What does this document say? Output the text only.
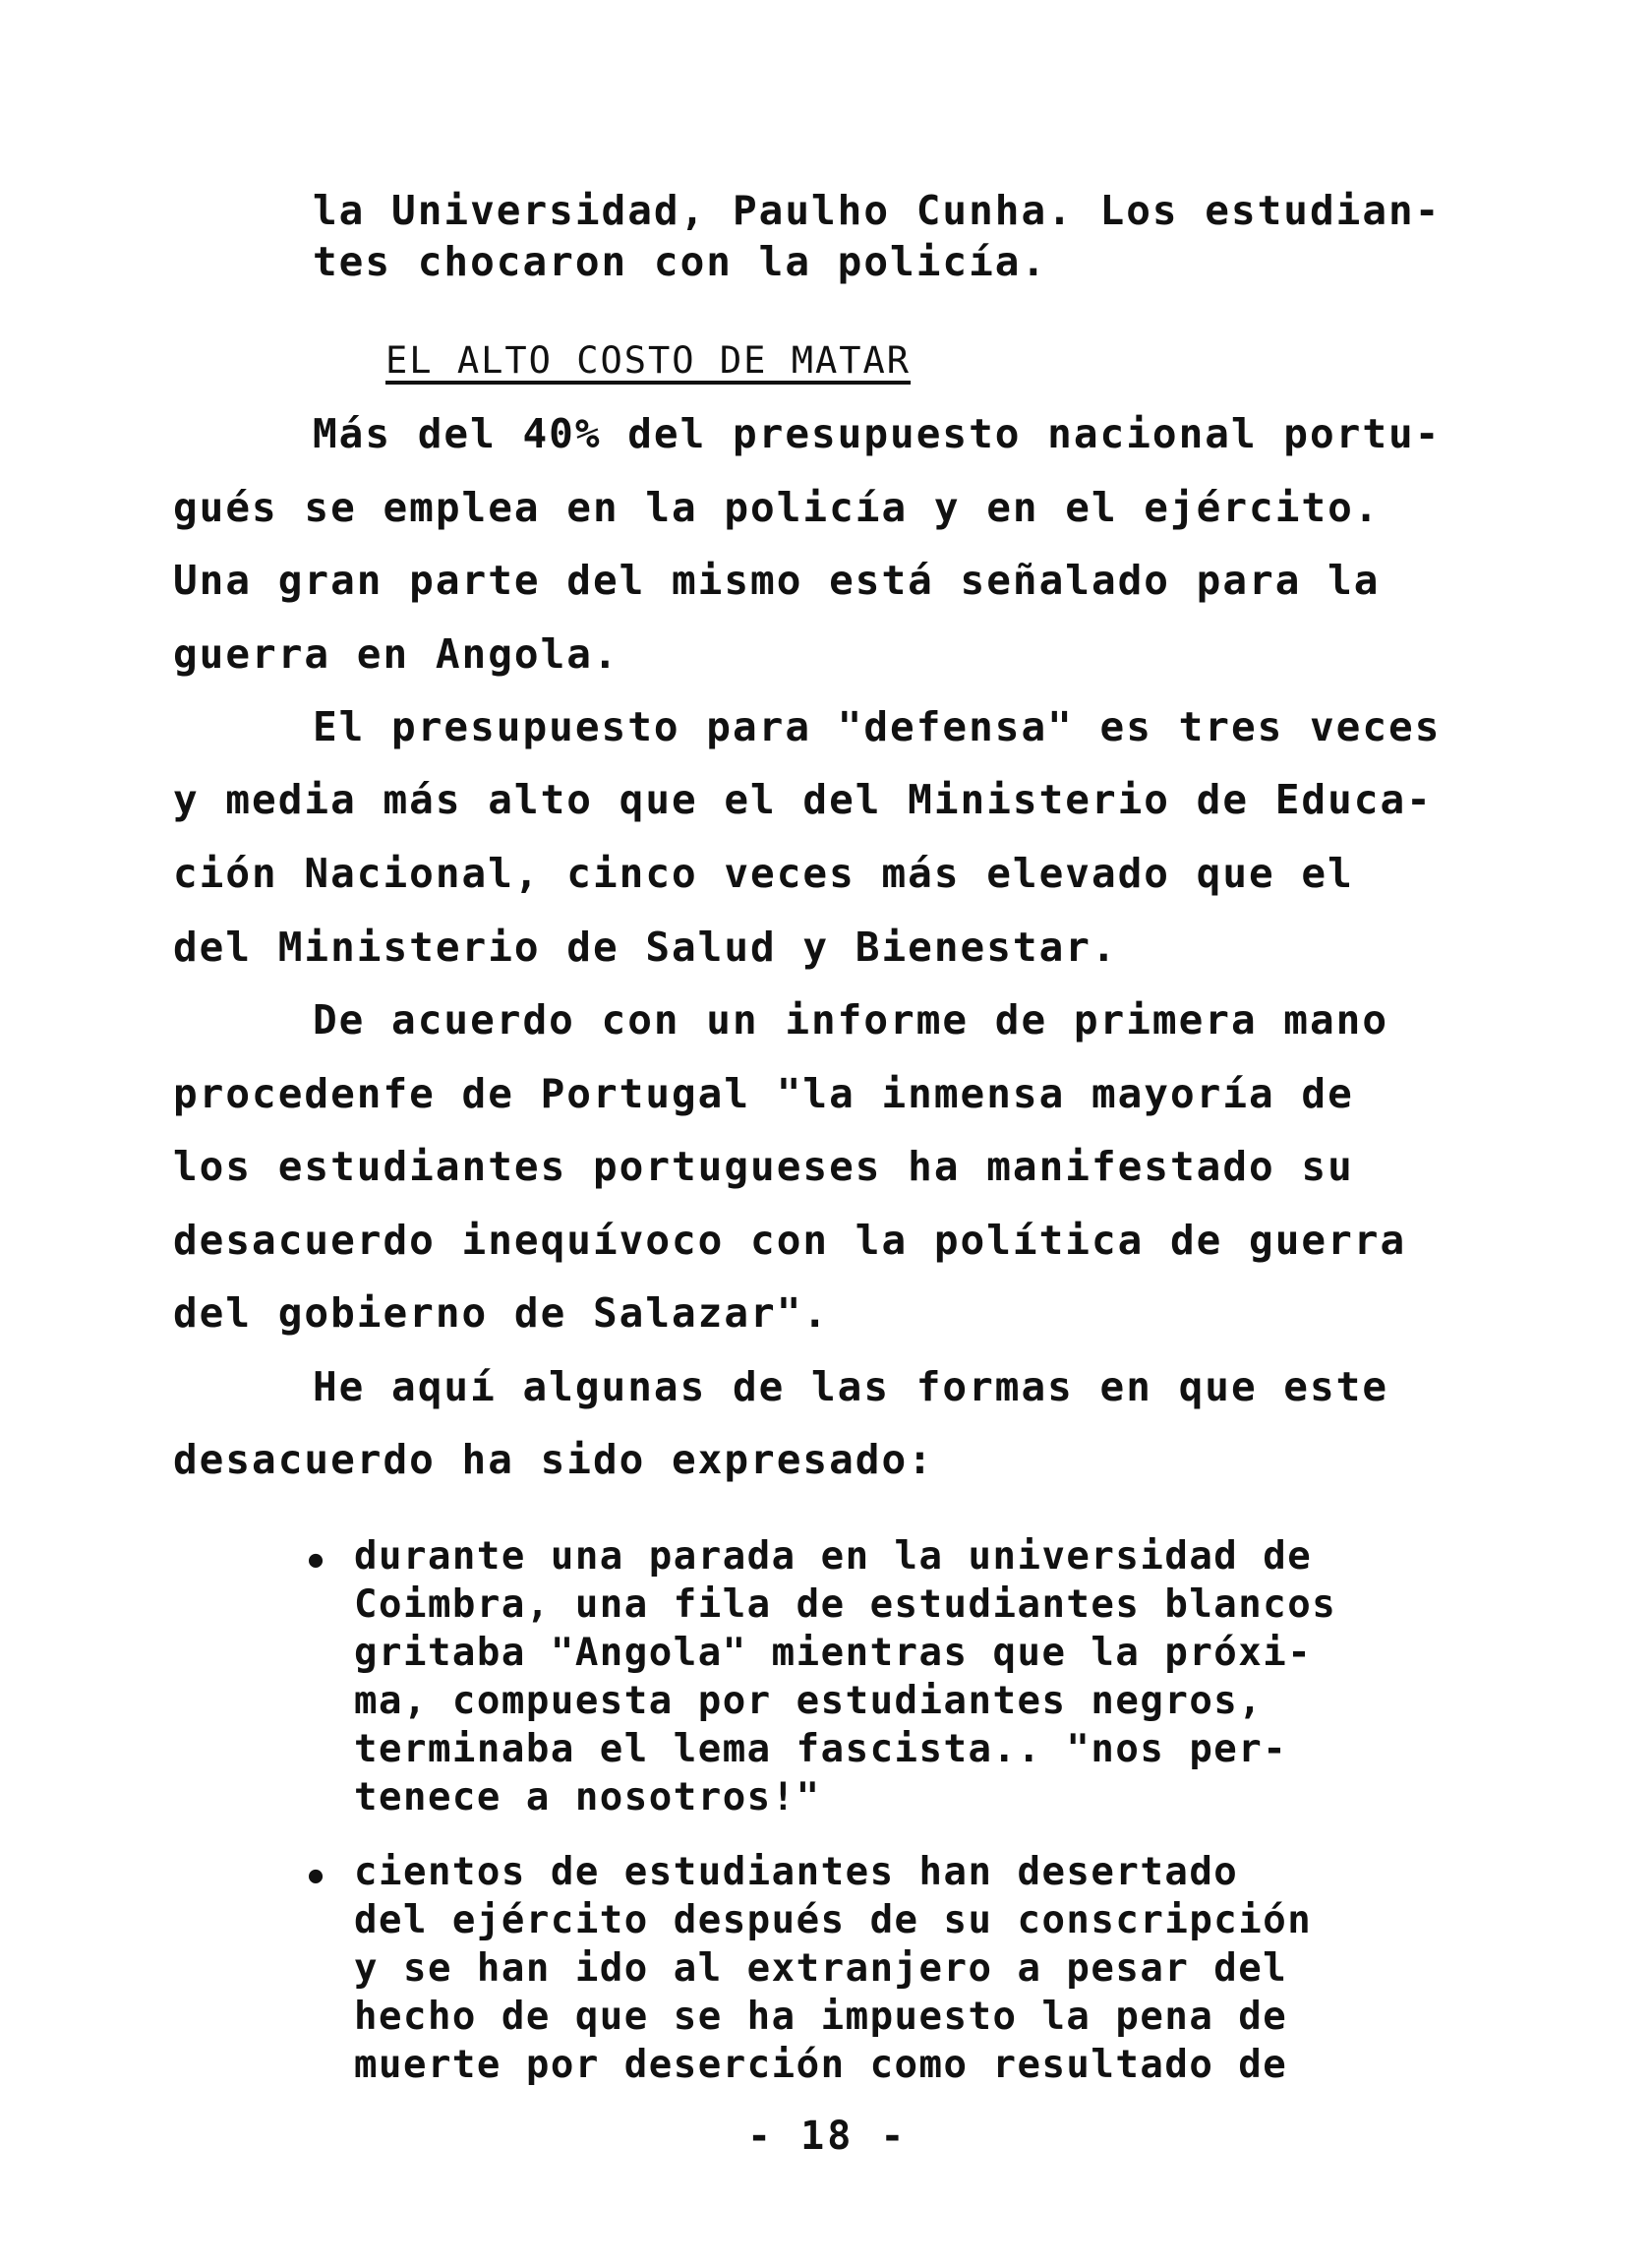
la Universidad, Paulho Cunha. Los estudian-
tes chocaron con la policía.
EL ALTO COSTO DE MATAR
Más del 40% del presupuesto nacional portu-
gués se emplea en la policía y en el ejército.
Una gran parte del mismo está señalado para la
guerra en Angola.
El presupuesto para "defensa" es tres veces
y media más alto que el del Ministerio de Educa-
ción Nacional, cinco veces más elevado que el
del Ministerio de Salud y Bienestar.
De acuerdo con un informe de primera mano
procedenfe de Portugal "la inmensa mayoría de
los estudiantes portugueses ha manifestado su
desacuerdo inequívoco con la política de guerra
del gobierno de Salazar".
He aquí algunas de las formas en que este
desacuerdo ha sido expresado:
• durante una parada en la universidad de
Coimbra, una fila de estudiantes blancos
gritaba "Angola" mientras que la próxi-
ma, compuesta por estudiantes negros,
terminaba el lema fascista.. "nos per-
tenece a nosotros!"
• cientos de estudiantes han desertado
del ejército después de su conscripción
y se han ido al extranjero a pesar del
hecho de que se ha impuesto la pena de
muerte por deserción como resultado de
- 18 -
